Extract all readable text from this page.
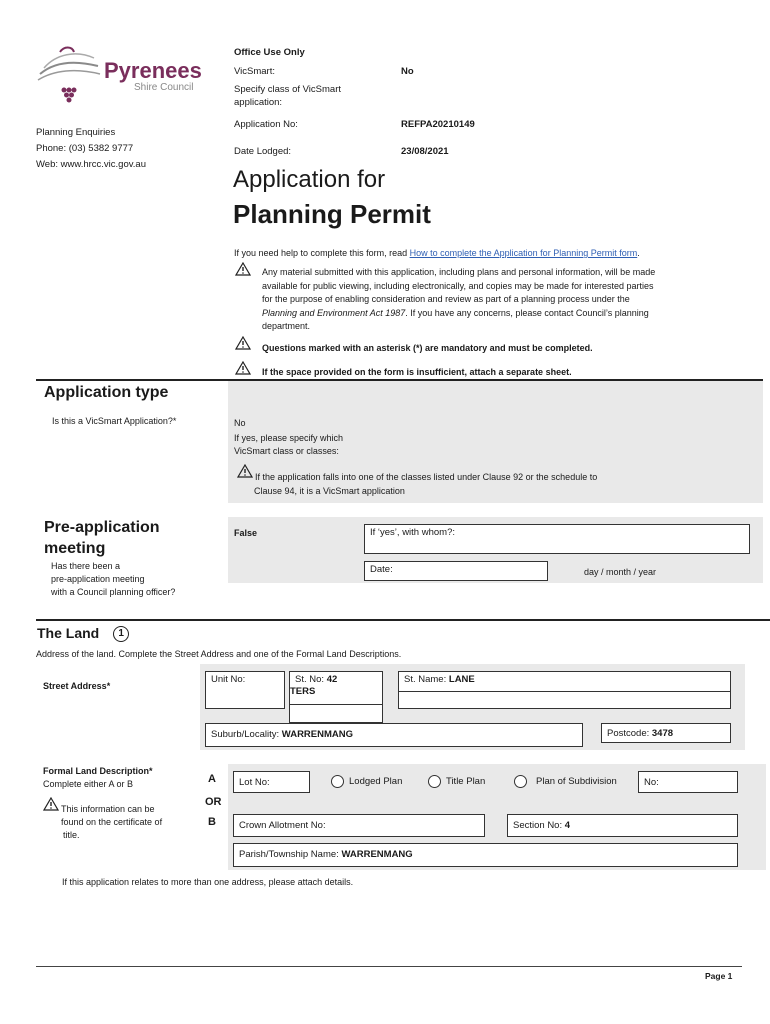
Pyrenees
Shire Council
Planning Enquiries
Phone: (03) 5382 9777
Web: www.hrcc.vic.gov.au
Office Use Only
VicSmart:	No
Specify class of VicSmart
application:
Application No:	REFPA20210149
Date Lodged:	23/08/2021
Application for
Planning Permit
If you need help to complete this form, read How to complete the Application for Planning Permit form.
Any material submitted with this application, including plans and personal information, will be made
available for public viewing, including electronically, and copies may be made for interested parties
for the purpose of enabling consideration and review as part of a planning process under the
Planning and Environment Act 1987. If you have any concerns, please contact Council’s planning
department.
Questions marked with an asterisk (*) are mandatory and must be completed.
If the space provided on the form is insufficient, attach a separate sheet.
Application type
Is this a VicSmart Application?*	No
If yes, please specify which
VicSmart class or classes:
If the application falls into one of the classes listed under Clause 92 or the schedule to
Clause 94, it is a VicSmart application
Pre-application
meeting
Has there been a
pre-application meeting
with a Council planning officer?
False	If ‘yes’, with whom?:
Date:	day / month / year
The Land 1
Address of the land. Complete the Street Address and one of the Formal Land Descriptions.
Street Address*
Unit No:	St. No: 42
TERS
St. Name: LANE
Suburb/Locality: WARRENMANG	Postcode: 3478
Formal Land Description*
Complete either A or B
This information can be
found on the certificate of
title.
A
OR
B
Lot No:	Lodged Plan	Title Plan	Plan of Subdivision	No:
Crown Allotment No:	Section No: 4
Parish/Township Name: WARRENMANG
If this application relates to more than one address, please attach details.
Page 1
